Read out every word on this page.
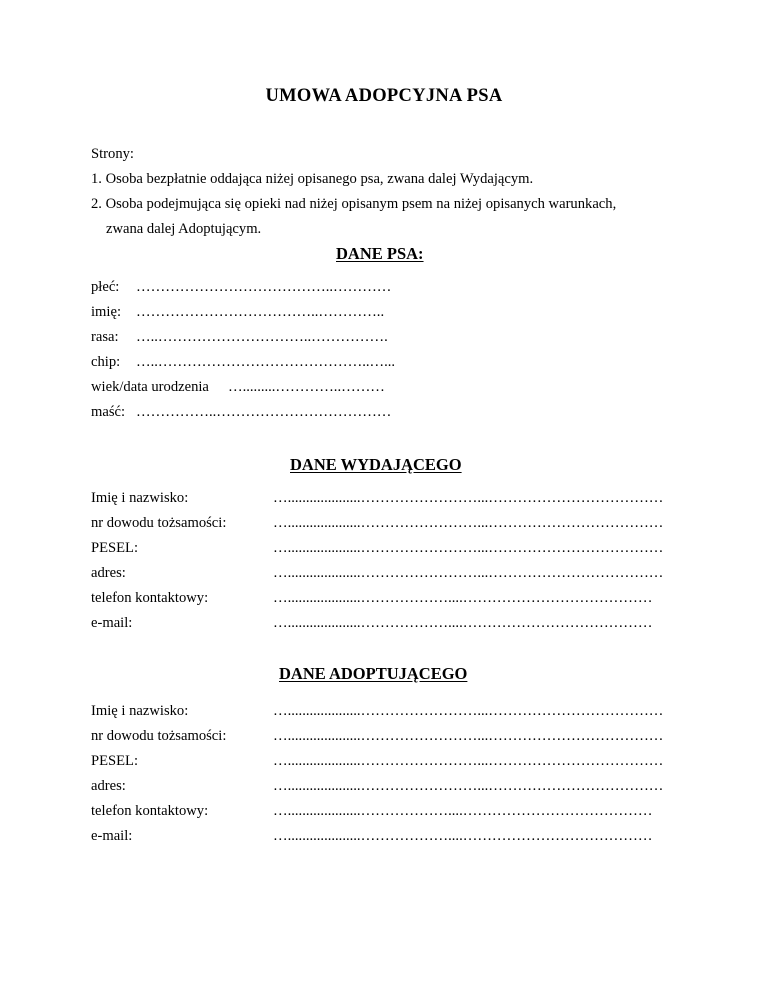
UMOWA ADOPCYJNA PSA
Strony:
1. Osoba bezpłatnie oddająca niżej opisanego psa, zwana dalej Wydającym.
2. Osoba podejmująca się opieki nad niżej opisanym psem na niżej opisanych warunkach,
zwana dalej Adoptującym.
DANE PSA:
płeć: …………………………………..…………
imię: ………………………………..…………..
rasa: …..…………………………..…………….
chip: …..……………………………………..…...
wiek/data urodzenia ….........…………..………
maść: ……………..………………………………
DANE WYDAJĄCEGO
Imię i nazwisko:	…....................……………………...………………………………
nr dowodu tożsamości:	…....................……………………...………………………………
PESEL:	…....................……………………...………………………………
adres:	…....................……………………...………………………………
telefon kontaktowy:	…....................………………....…………………………………
e-mail:	…....................………………....…………………………………
DANE ADOPTUJĄCEGO
Imię i nazwisko:	…....................……………………...………………………………
nr dowodu tożsamości:	…....................……………………...………………………………
PESEL:	…....................……………………...………………………………
adres:	…....................……………………...………………………………
telefon kontaktowy:	…....................………………....…………………………………
e-mail:	…....................………………....…………………………………
